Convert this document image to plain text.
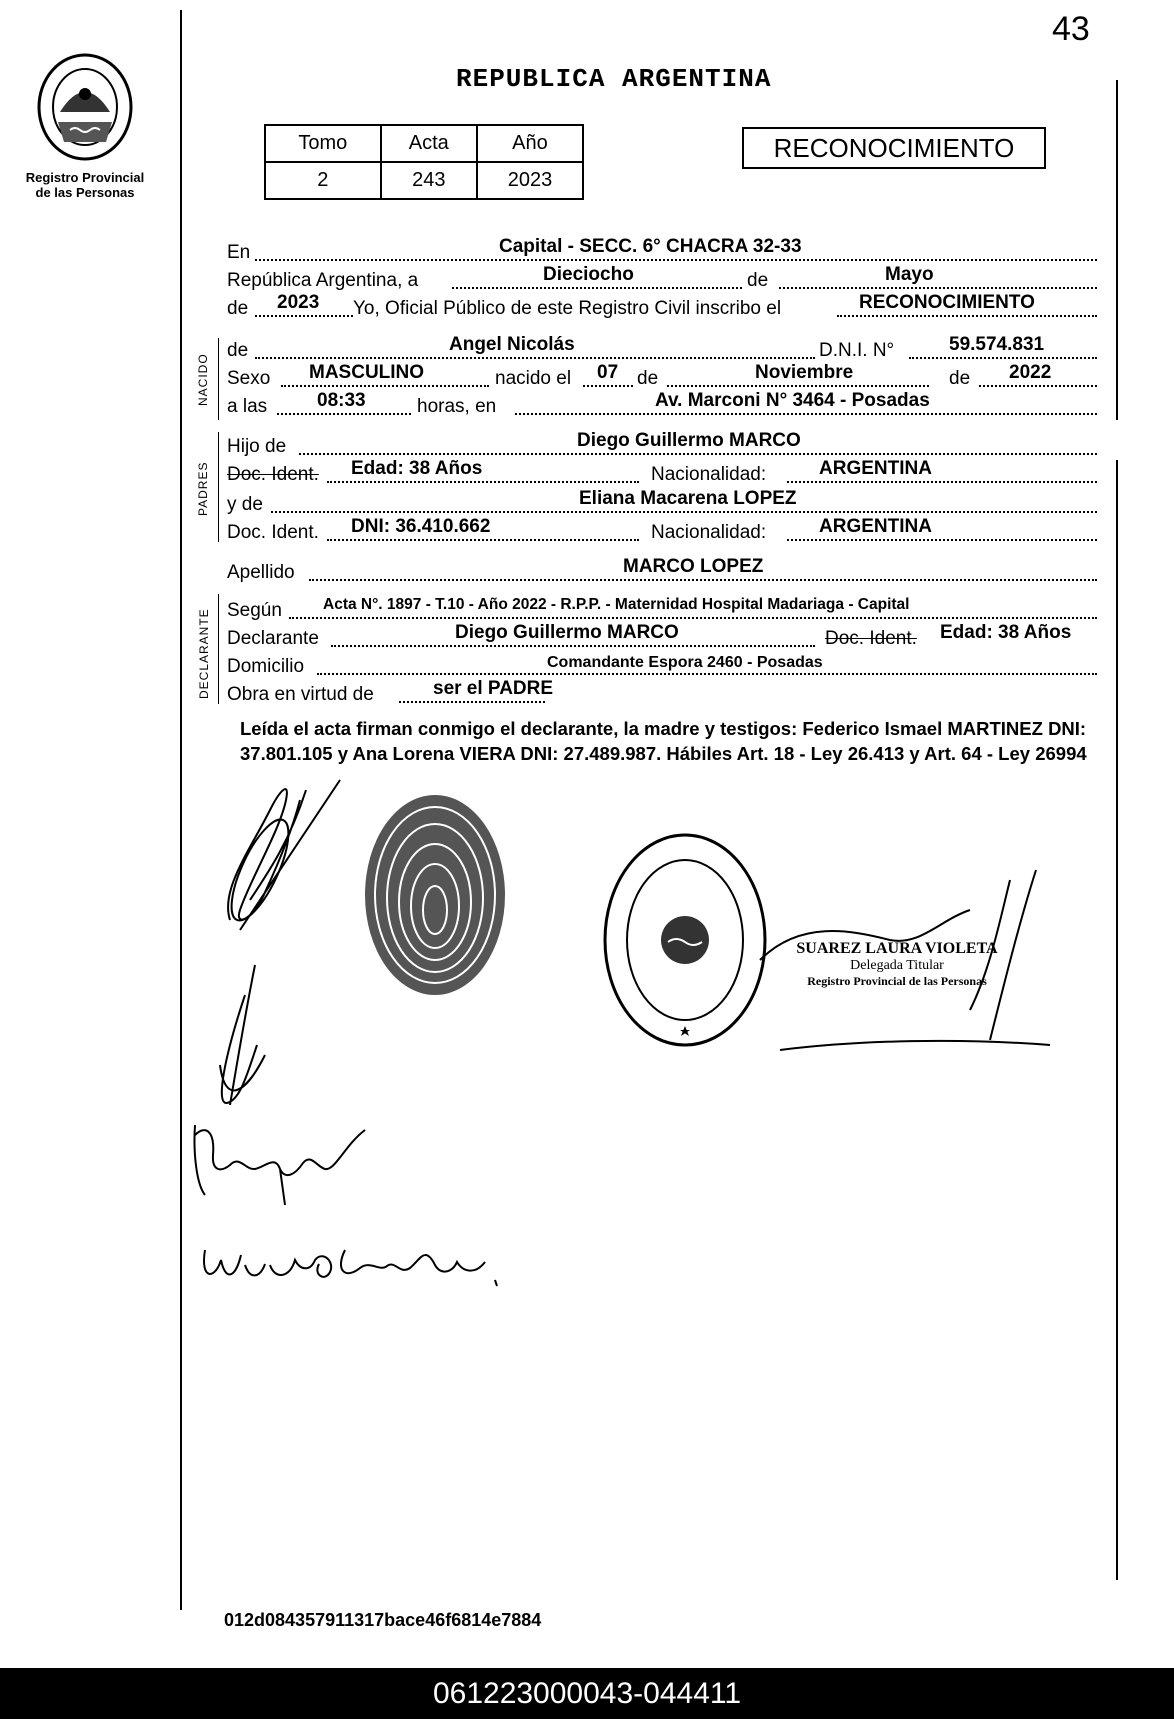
43
Registro Provincial
de las Personas
REPUBLICA ARGENTINA
Tomo	Acta	Año
2	243	2023
RECONOCIMIENTO
NACIDO
PADRES
DECLARANTE
En	Capital - SECC. 6° CHACRA 32-33
República Argentina, a	Dieciocho	de	Mayo
de 2023 Yo, Oficial Público de este Registro Civil inscribo el	RECONOCIMIENTO
de	Angel Nicolás	D.N.I. N°	59.574.831
Sexo MASCULINO	nacido el 07 de	Noviembre	de 2022
a las	08:33	horas, en	Av. Marconi N° 3464 - Posadas
Hijo de	Diego Guillermo MARCO
Doc. Ident. Edad: 38 Años	Nacionalidad:	ARGENTINA
y de	Eliana Macarena LOPEZ
Doc. Ident. DNI: 36.410.662	Nacionalidad:	ARGENTINA
Apellido	MARCO LOPEZ
Según	Acta N°. 1897 - T.10 - Año 2022 - R.P.P. - Maternidad Hospital Madariaga - Capital
Declarante	Diego Guillermo MARCO	Doc. Ident. Edad: 38 Años
Domicilio	Comandante Espora 2460 - Posadas
Obra en virtud de	ser el PADRE
Leída el acta firman conmigo el declarante, la madre y testigos: Federico Ismael MARTINEZ DNI: 37.801.105 y Ana Lorena VIERA DNI: 27.489.987. Hábiles Art. 18 - Ley 26.413 y Art. 64 - Ley 26994
SUAREZ LAURA VIOLETA
Delegada Titular
Registro Provincial de las Personas
012d084357911317bace46f6814e7884
061223000043-044411
